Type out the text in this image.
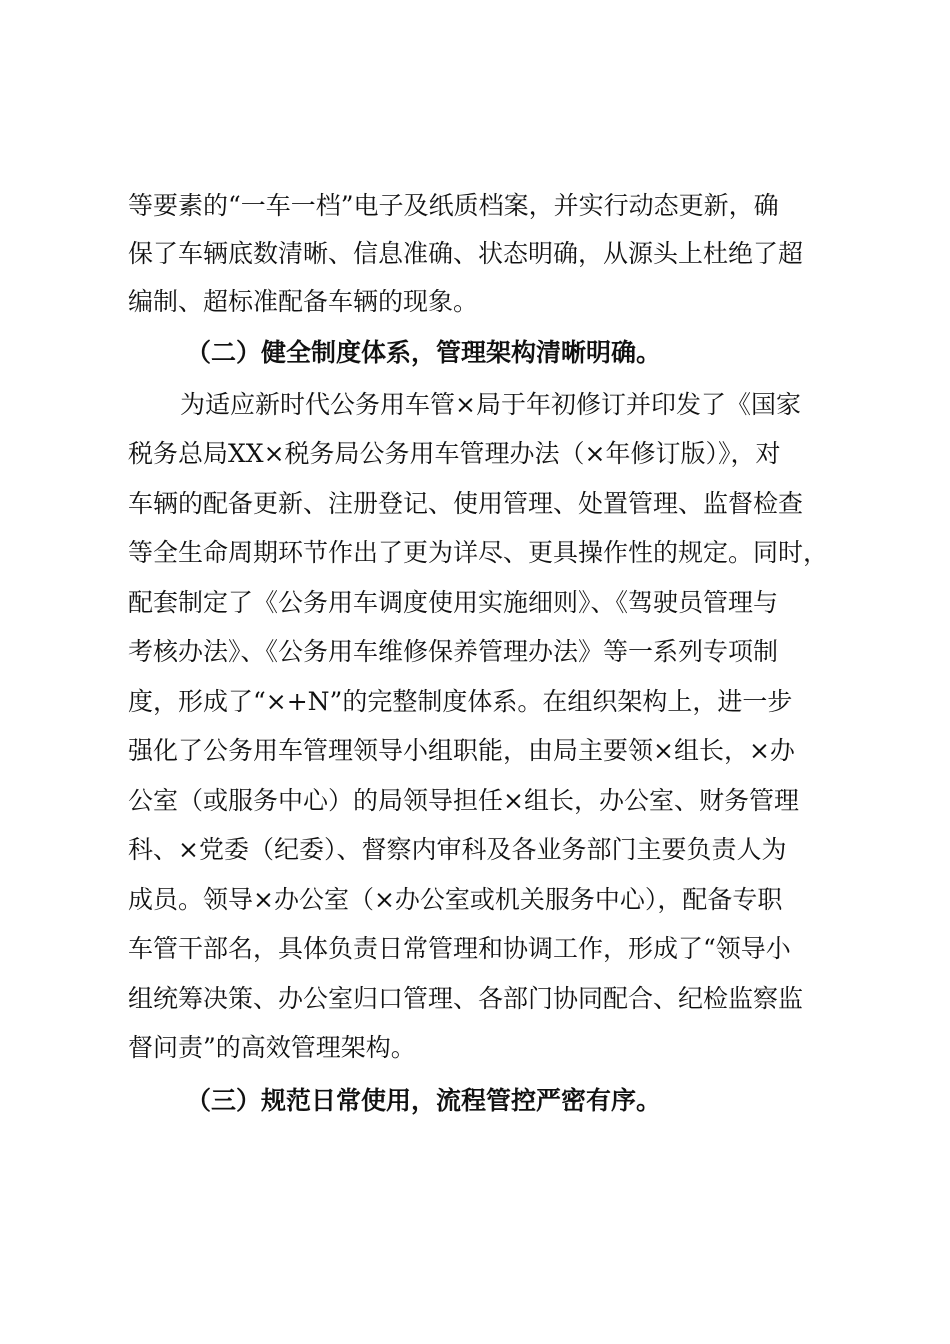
等要素的“一车一档”电子及纸质档案，并实行动态更新，确
保了车辆底数清晰、信息准确、状态明确，从源头上杜绝了超
编制、超标准配备车辆的现象。
（二）健全制度体系，管理架构清晰明确。
为适应新时代公务用车管×局于年初修订并印发了《国家
税务总局XX×税务局公务用车管理办法（×年修订版）》，对
车辆的配备更新、注册登记、使用管理、处置管理、监督检查
等全生命周期环节作出了更为详尽、更具操作性的规定。同时，
配套制定了《公务用车调度使用实施细则》、《驾驶员管理与
考核办法》、《公务用车维修保养管理办法》等一系列专项制
度，形成了“×+N”的完整制度体系。在组织架构上，进一步
强化了公务用车管理领导小组职能，由局主要领×组长，×办
公室（或服务中心）的局领导担任×组长，办公室、财务管理
科、×党委（纪委）、督察内审科及各业务部门主要负责人为
成员。领导×办公室（×办公室或机关服务中心），配备专职
车管干部名，具体负责日常管理和协调工作，形成了“领导小
组统筹决策、办公室归口管理、各部门协同配合、纪检监察监
督问责”的高效管理架构。
（三）规范日常使用，流程管控严密有序。
